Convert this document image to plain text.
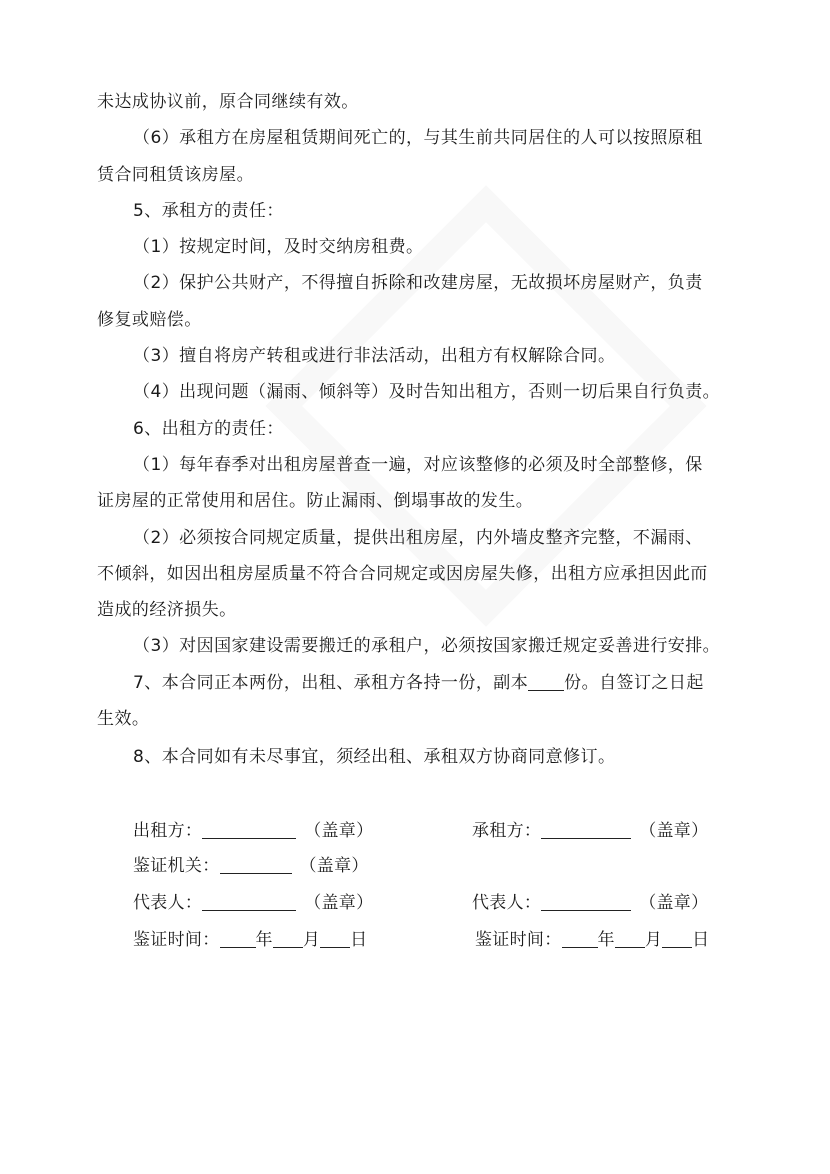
未达成协议前，原合同继续有效。
（6）承租方在房屋租赁期间死亡的，与其生前共同居住的人可以按照原租
赁合同租赁该房屋。
5、承租方的责任：
（1）按规定时间，及时交纳房租费。
（2）保护公共财产，不得擅自拆除和改建房屋，无故损坏房屋财产，负责
修复或赔偿。
（3）擅自将房产转租或进行非法活动，出租方有权解除合同。
（4）出现问题（漏雨、倾斜等）及时告知出租方，否则一切后果自行负责。
6、出租方的责任：
（1）每年春季对出租房屋普查一遍，对应该整修的必须及时全部整修，保
证房屋的正常使用和居住。防止漏雨、倒塌事故的发生。
（2）必须按合同规定质量，提供出租房屋，内外墙皮整齐完整，不漏雨、
不倾斜，如因出租房屋质量不符合合同规定或因房屋失修，出租方应承担因此而
造成的经济损失。
（3）对因国家建设需要搬迁的承租户，必须按国家搬迁规定妥善进行安排。
7、本合同正本两份，出租、承租方各持一份，副本 份。自签订之日起
生效。
8、本合同如有未尽事宜，须经出租、承租双方协商同意修订。
出租方：	（盖章）	承租方：	（盖章）
鉴证机关：	（盖章）
代表人：	（盖章）	代表人：	（盖章）
鉴证时间： 年 月 日	鉴证时间： 年 月 日
